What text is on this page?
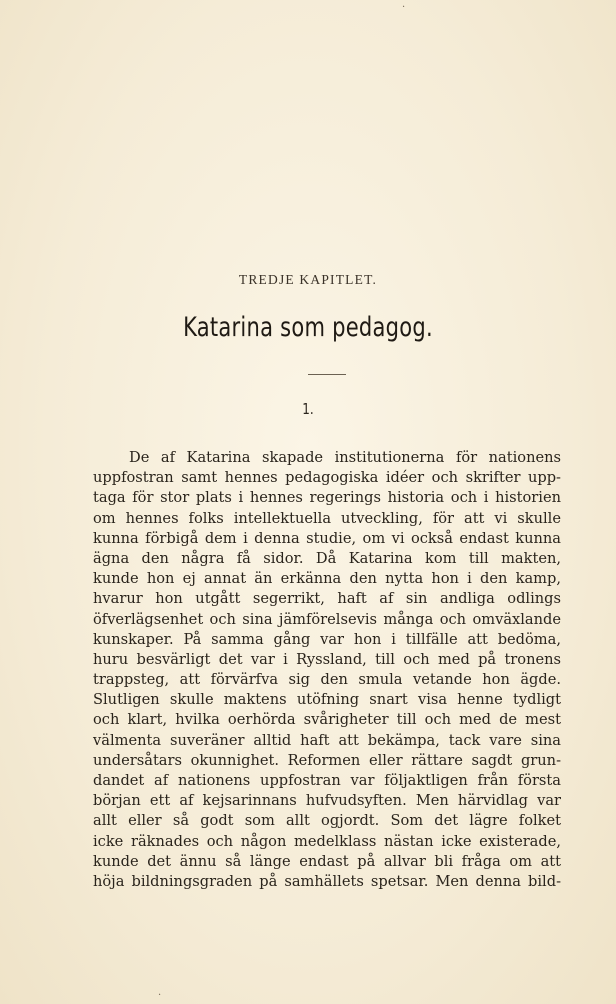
TREDJE KAPITLET.
Katarina som pedagog.
1.
De af Katarina skapade institutionerna för nationens
uppfostran samt hennes pedagogiska idéer och skrifter upp-
taga för stor plats i hennes regerings historia och i historien
om hennes folks intellektuella utveckling, för att vi skulle
kunna förbigå dem i denna studie, om vi också endast kunna
ägna den några få sidor. Då Katarina kom till makten,
kunde hon ej annat än erkänna den nytta hon i den kamp,
hvarur hon utgått segerrikt, haft af sin andliga odlings
öfverlägsenhet och sina jämförelsevis många och omväxlande
kunskaper. På samma gång var hon i tillfälle att bedöma,
huru besvärligt det var i Ryssland, till och med på tronens
trappsteg, att förvärfva sig den smula vetande hon ägde.
Slutligen skulle maktens utöfning snart visa henne tydligt
och klart, hvilka oerhörda svårigheter till och med de mest
välmenta suveräner alltid haft att bekämpa, tack vare sina
undersåtars okunnighet. Reformen eller rättare sagdt grun-
dandet af nationens uppfostran var följaktligen från första
början ett af kejsarinnans hufvudsyften. Men härvidlag var
allt eller så godt som allt ogjordt. Som det lägre folket
icke räknades och någon medelklass nästan icke existerade,
kunde det ännu så länge endast på allvar bli fråga om att
höja bildningsgraden på samhällets spetsar. Men denna bild-
·
·
